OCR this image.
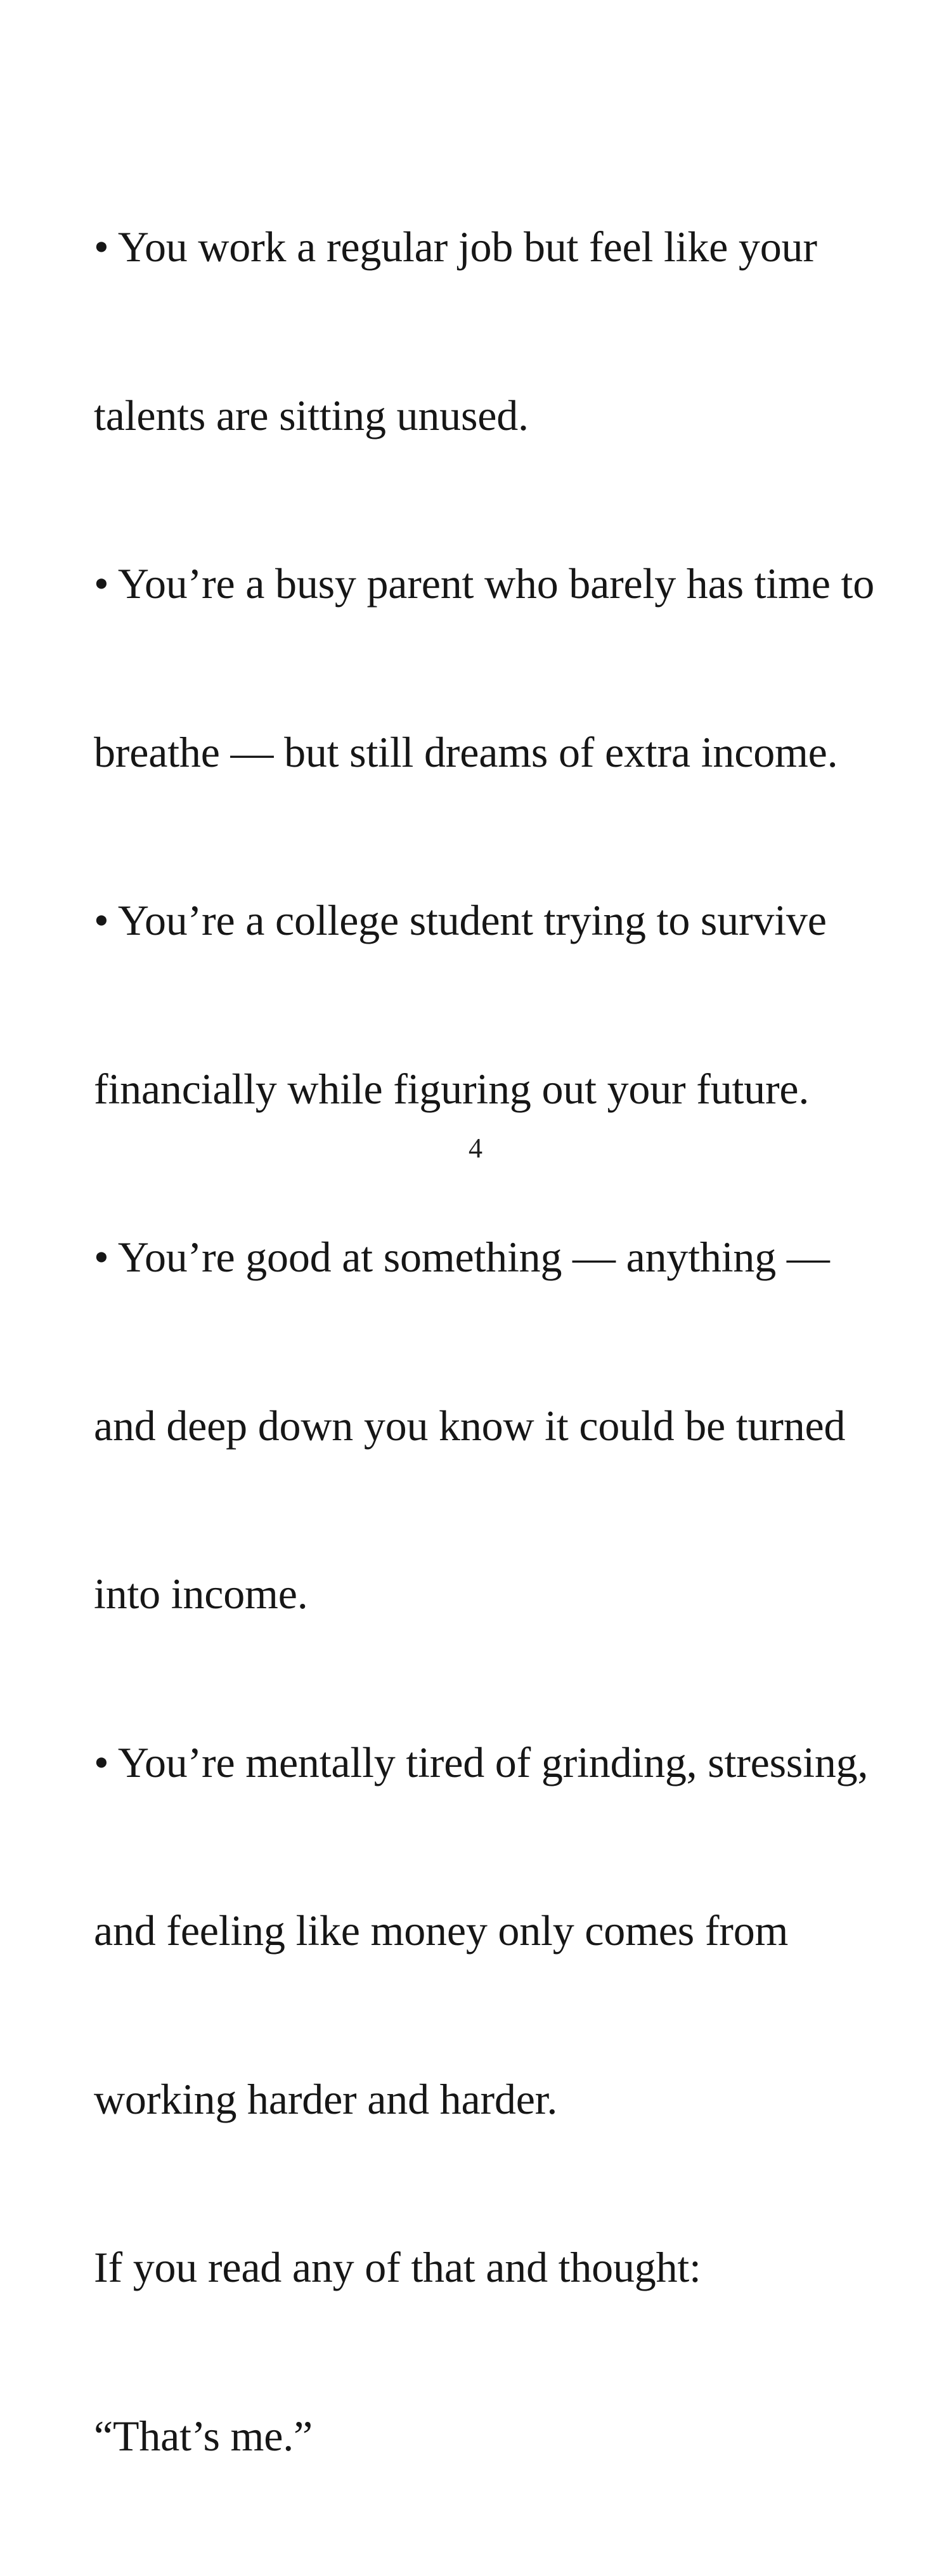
• You work a regular job but feel like your

talents are sitting unused.

• You’re a busy parent who barely has time to

breathe — but still dreams of extra income.

• You’re a college student trying to survive

financially while figuring out your future.

• You’re good at something — anything —

and deep down you know it could be turned

into income.

• You’re mentally tired of grinding, stressing,

and feeling like money only comes from

working harder and harder.

If you read any of that and thought:

“That’s me.”

4
